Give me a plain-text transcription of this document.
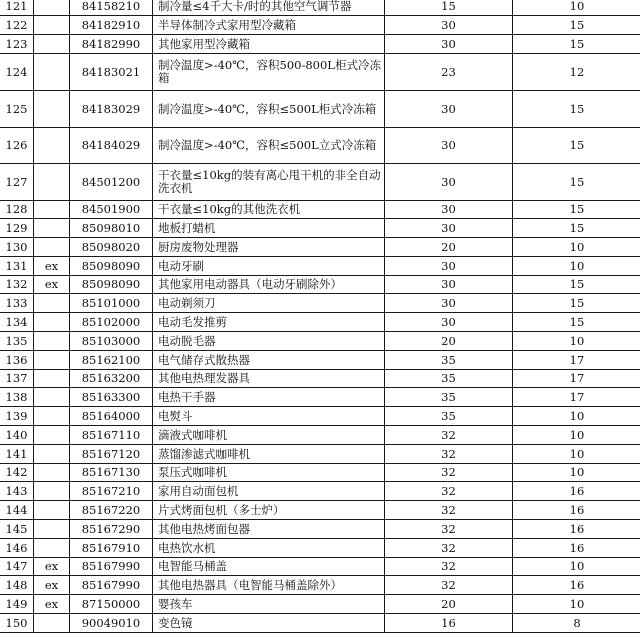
121		84158210	制冷量≤4千大卡/时的其他空气调节器	15	10
122		84182910	半导体制冷式家用型冷藏箱	30	15
123		84182990	其他家用型冷藏箱	30	15
124		84183021	制冷温度>-40℃，容积500-800L柜式冷冻箱	23	12
125		84183029	制冷温度>-40℃，容积≤500L柜式冷冻箱	30	15
126		84184029	制冷温度>-40℃，容积≤500L立式冷冻箱	30	15
127		84501200	干衣量≤10kg的装有离心甩干机的非全自动洗衣机	30	15
128		84501900	干衣量≤10kg的其他洗衣机	30	15
129		85098010	地板打蜡机	30	15
130		85098020	厨房废物处理器	20	10
131	ex	85098090	电动牙刷	30	10
132	ex	85098090	其他家用电动器具（电动牙刷除外）	30	15
133		85101000	电动剃须刀	30	15
134		85102000	电动毛发推剪	30	15
135		85103000	电动脱毛器	20	10
136		85162100	电气储存式散热器	35	17
137		85163200	其他电热理发器具	35	17
138		85163300	电热干手器	35	17
139		85164000	电熨斗	35	10
140		85167110	滴液式咖啡机	32	10
141		85167120	蒸馏渗滤式咖啡机	32	10
142		85167130	泵压式咖啡机	32	10
143		85167210	家用自动面包机	32	16
144		85167220	片式烤面包机（多士炉）	32	16
145		85167290	其他电热烤面包器	32	16
146		85167910	电热饮水机	32	16
147	ex	85167990	电智能马桶盖	32	10
148	ex	85167990	其他电热器具（电智能马桶盖除外）	32	16
149	ex	87150000	婴孩车	20	10
150		90049010	变色镜	16	8
